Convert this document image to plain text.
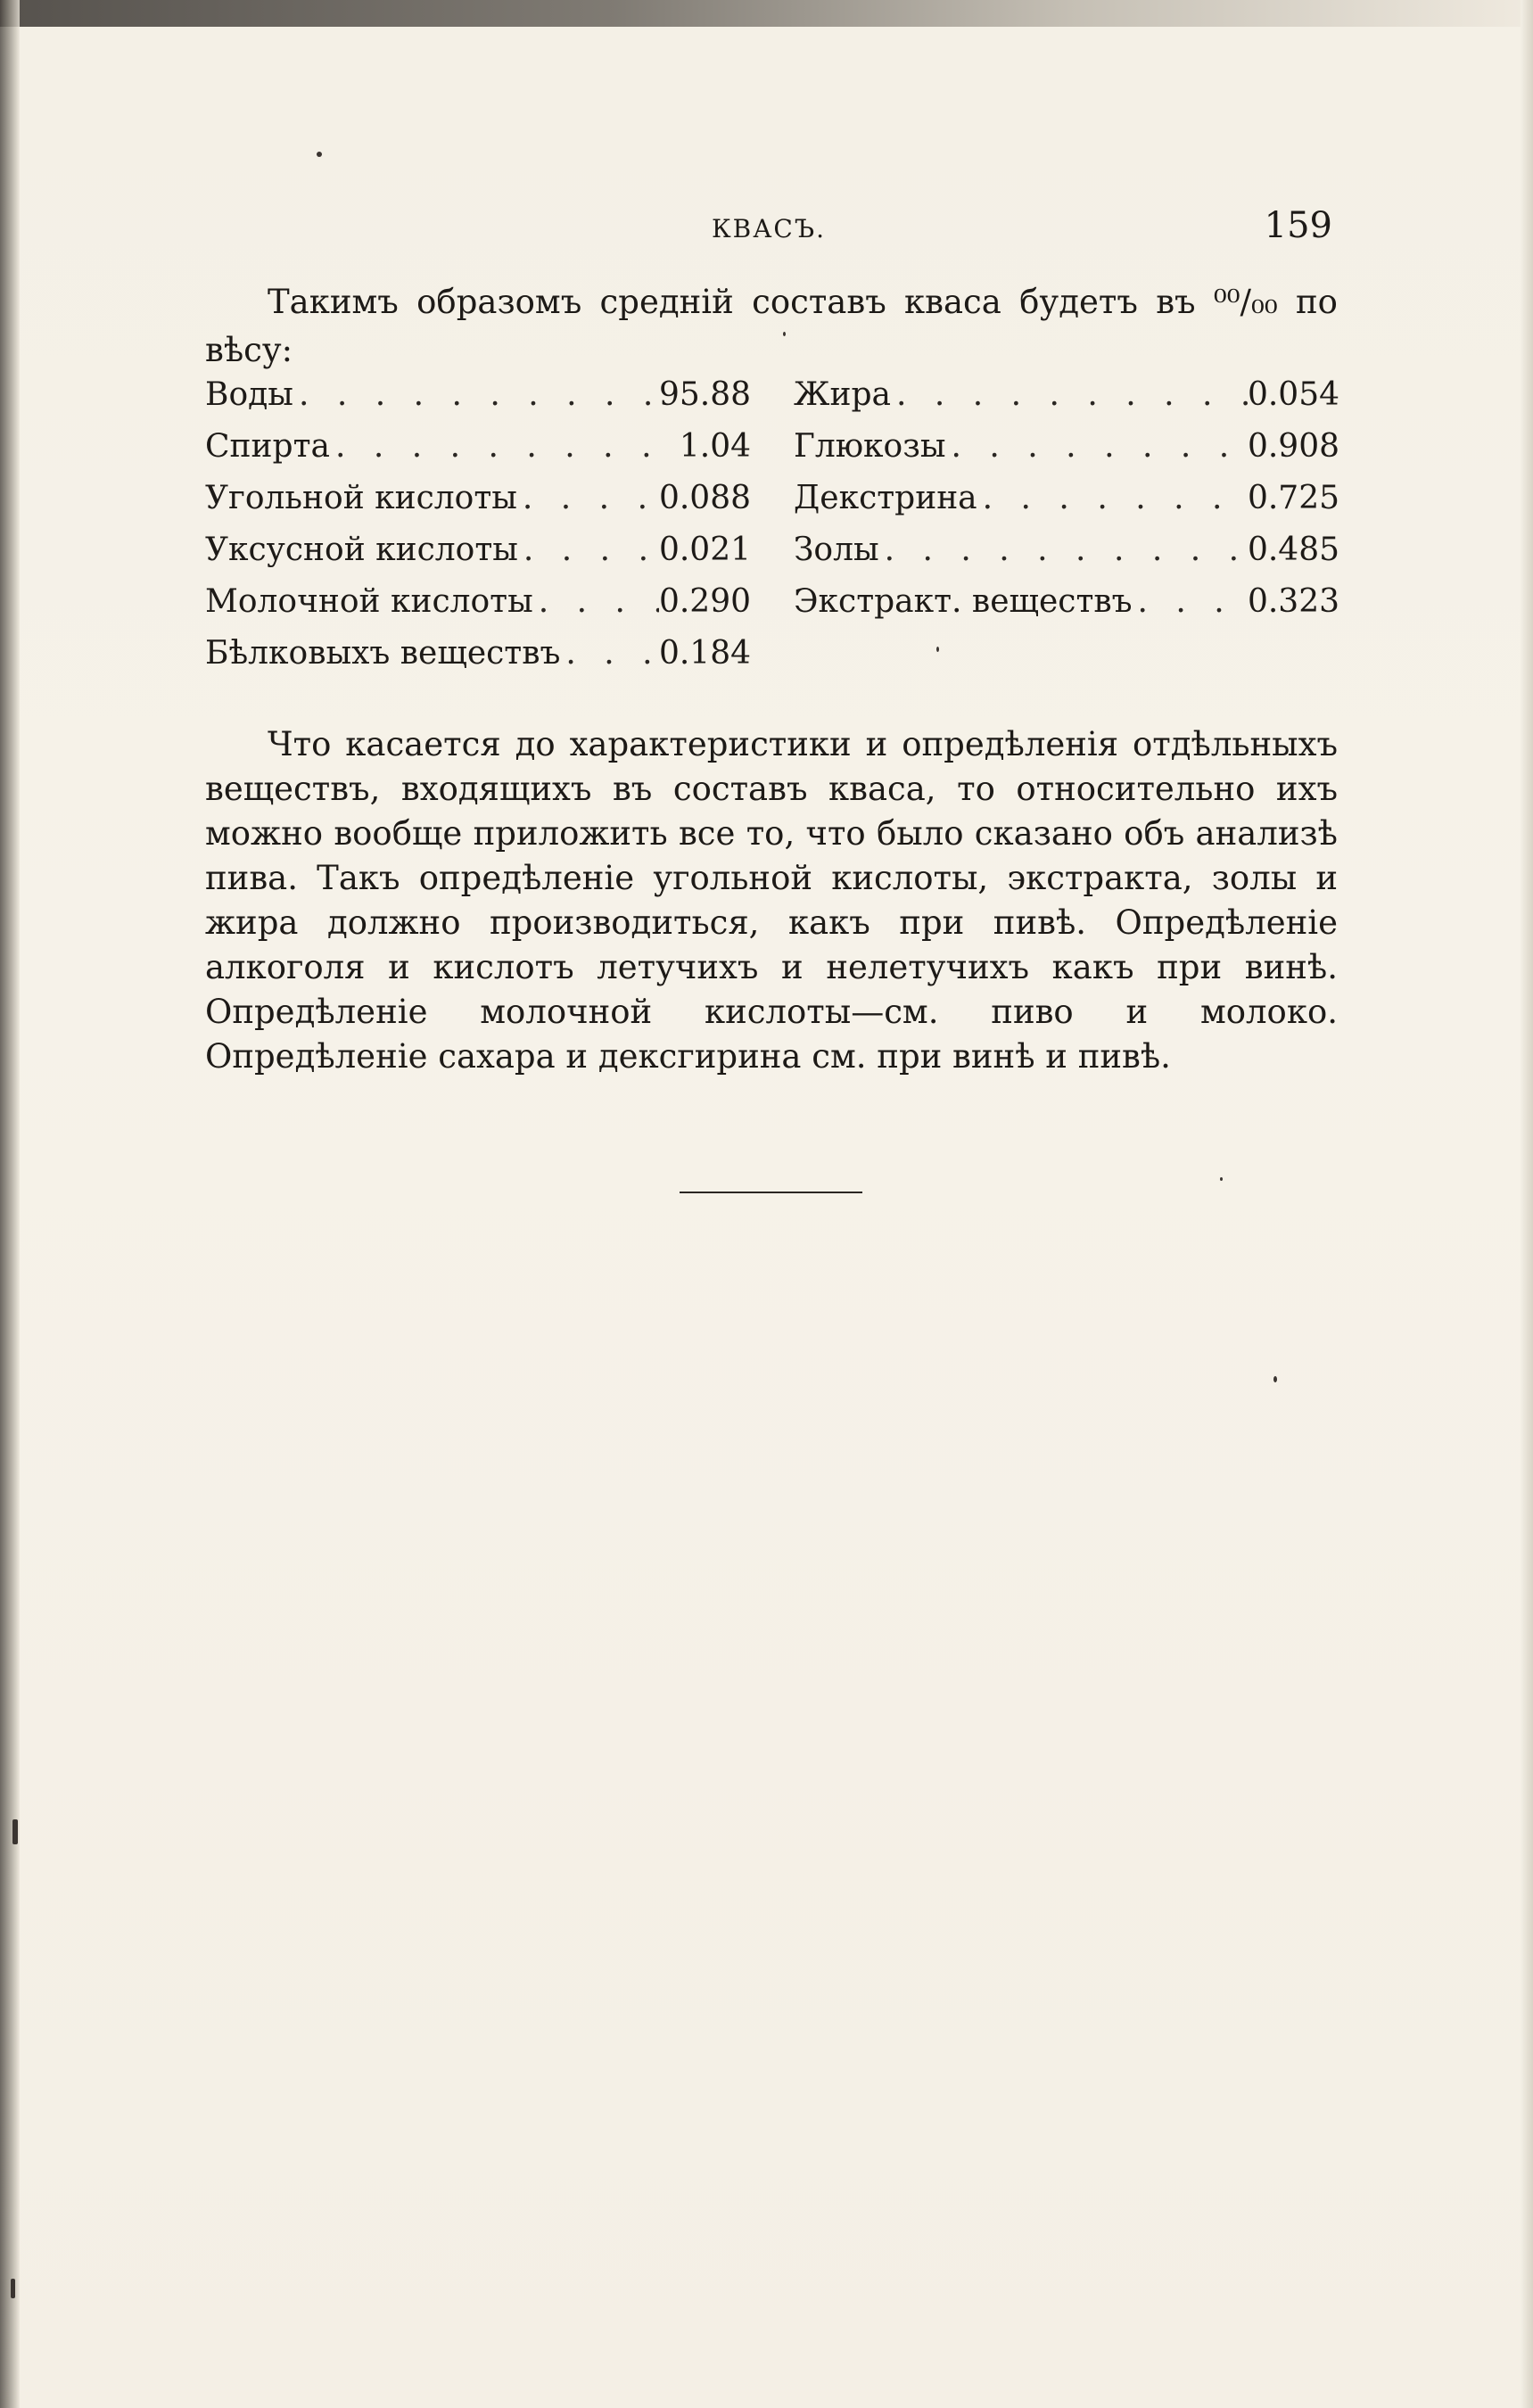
КВАСЪ.	159
Такимъ образомъ средній составъ кваса будетъ въ ⁰⁰/₀₀ по
вѣсу:
Воды . . .	95.88
Спирта . . .	1.04
Угольной кислоты . . .	0.088
Уксусной кислоты . . .	0.021
Молочной кислоты . . .	0.290
Бѣлковыхъ веществъ . . .	0.184
Жира . . .	0.054
Глюкозы . . .	0.908
Декстрина . . .	0.725
Золы . . .	0.485
Экстракт. веществъ . . .	0.323

Что касается до характеристики и опредѣленія отдѣльныхъ веществъ, входящихъ въ составъ кваса, то относительно ихъ можно вообще приложить все то, что было сказано объ анализѣ пива. Такъ опредѣленіе угольной кислоты, экстракта, золы и жира должно производиться, какъ при пивѣ. Опредѣленіе алкоголя и кислотъ летучихъ и нелетучихъ какъ при винѣ. Опредѣленіе молочной кислоты—см. пиво и молоко. Опредѣленіе сахара и дексгирина см. при винѣ и пивѣ.
